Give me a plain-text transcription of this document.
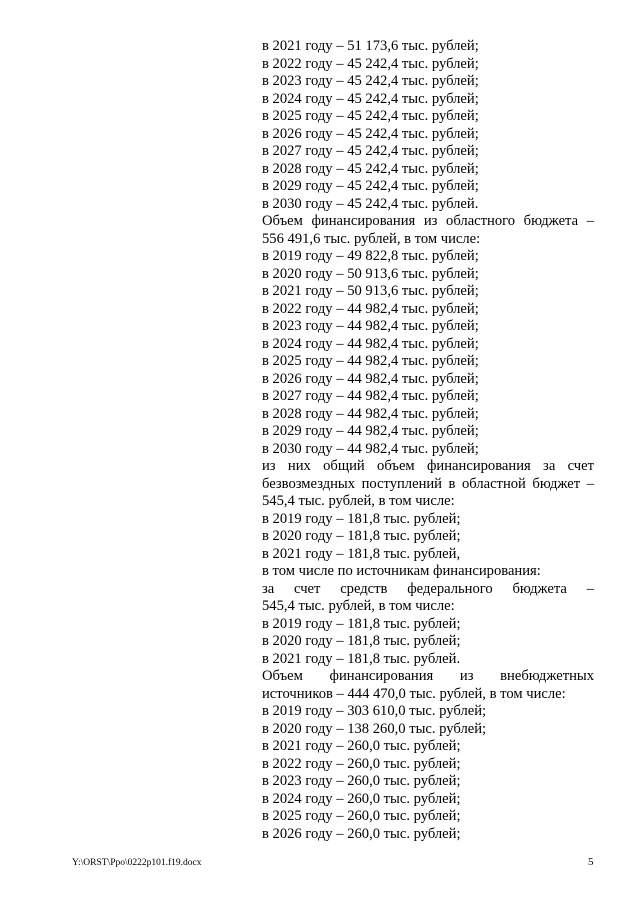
в 2021 году – 51 173,6 тыс. рублей;
в 2022 году – 45 242,4 тыс. рублей;
в 2023 году – 45 242,4 тыс. рублей;
в 2024 году – 45 242,4 тыс. рублей;
в 2025 году – 45 242,4 тыс. рублей;
в 2026 году – 45 242,4 тыс. рублей;
в 2027 году – 45 242,4 тыс. рублей;
в 2028 году – 45 242,4 тыс. рублей;
в 2029 году – 45 242,4 тыс. рублей;
в 2030 году – 45 242,4 тыс. рублей.
Объем финансирования из областного бюджета –
556 491,6 тыс. рублей, в том числе:
в 2019 году – 49 822,8 тыс. рублей;
в 2020 году – 50 913,6 тыс. рублей;
в 2021 году – 50 913,6 тыс. рублей;
в 2022 году – 44 982,4 тыс. рублей;
в 2023 году – 44 982,4 тыс. рублей;
в 2024 году – 44 982,4 тыс. рублей;
в 2025 году – 44 982,4 тыс. рублей;
в 2026 году – 44 982,4 тыс. рублей;
в 2027 году – 44 982,4 тыс. рублей;
в 2028 году – 44 982,4 тыс. рублей;
в 2029 году – 44 982,4 тыс. рублей;
в 2030 году – 44 982,4 тыс. рублей;
из них общий объем финансирования за счет
безвозмездных поступлений в областной бюджет –
545,4 тыс. рублей, в том числе:
в 2019 году – 181,8 тыс. рублей;
в 2020 году – 181,8 тыс. рублей;
в 2021 году – 181,8 тыс. рублей,
в том числе по источникам финансирования:
за счет средств федерального бюджета –
545,4 тыс. рублей, в том числе:
в 2019 году – 181,8 тыс. рублей;
в 2020 году – 181,8 тыс. рублей;
в 2021 году – 181,8 тыс. рублей.
Объем финансирования из внебюджетных
источников – 444 470,0 тыс. рублей, в том числе:
в 2019 году – 303 610,0 тыс. рублей;
в 2020 году – 138 260,0 тыс. рублей;
в 2021 году – 260,0 тыс. рублей;
в 2022 году – 260,0 тыс. рублей;
в 2023 году – 260,0 тыс. рублей;
в 2024 году – 260,0 тыс. рублей;
в 2025 году – 260,0 тыс. рублей;
в 2026 году – 260,0 тыс. рублей;
Y:\ORST\Ppo\0222p101.f19.docx	5
